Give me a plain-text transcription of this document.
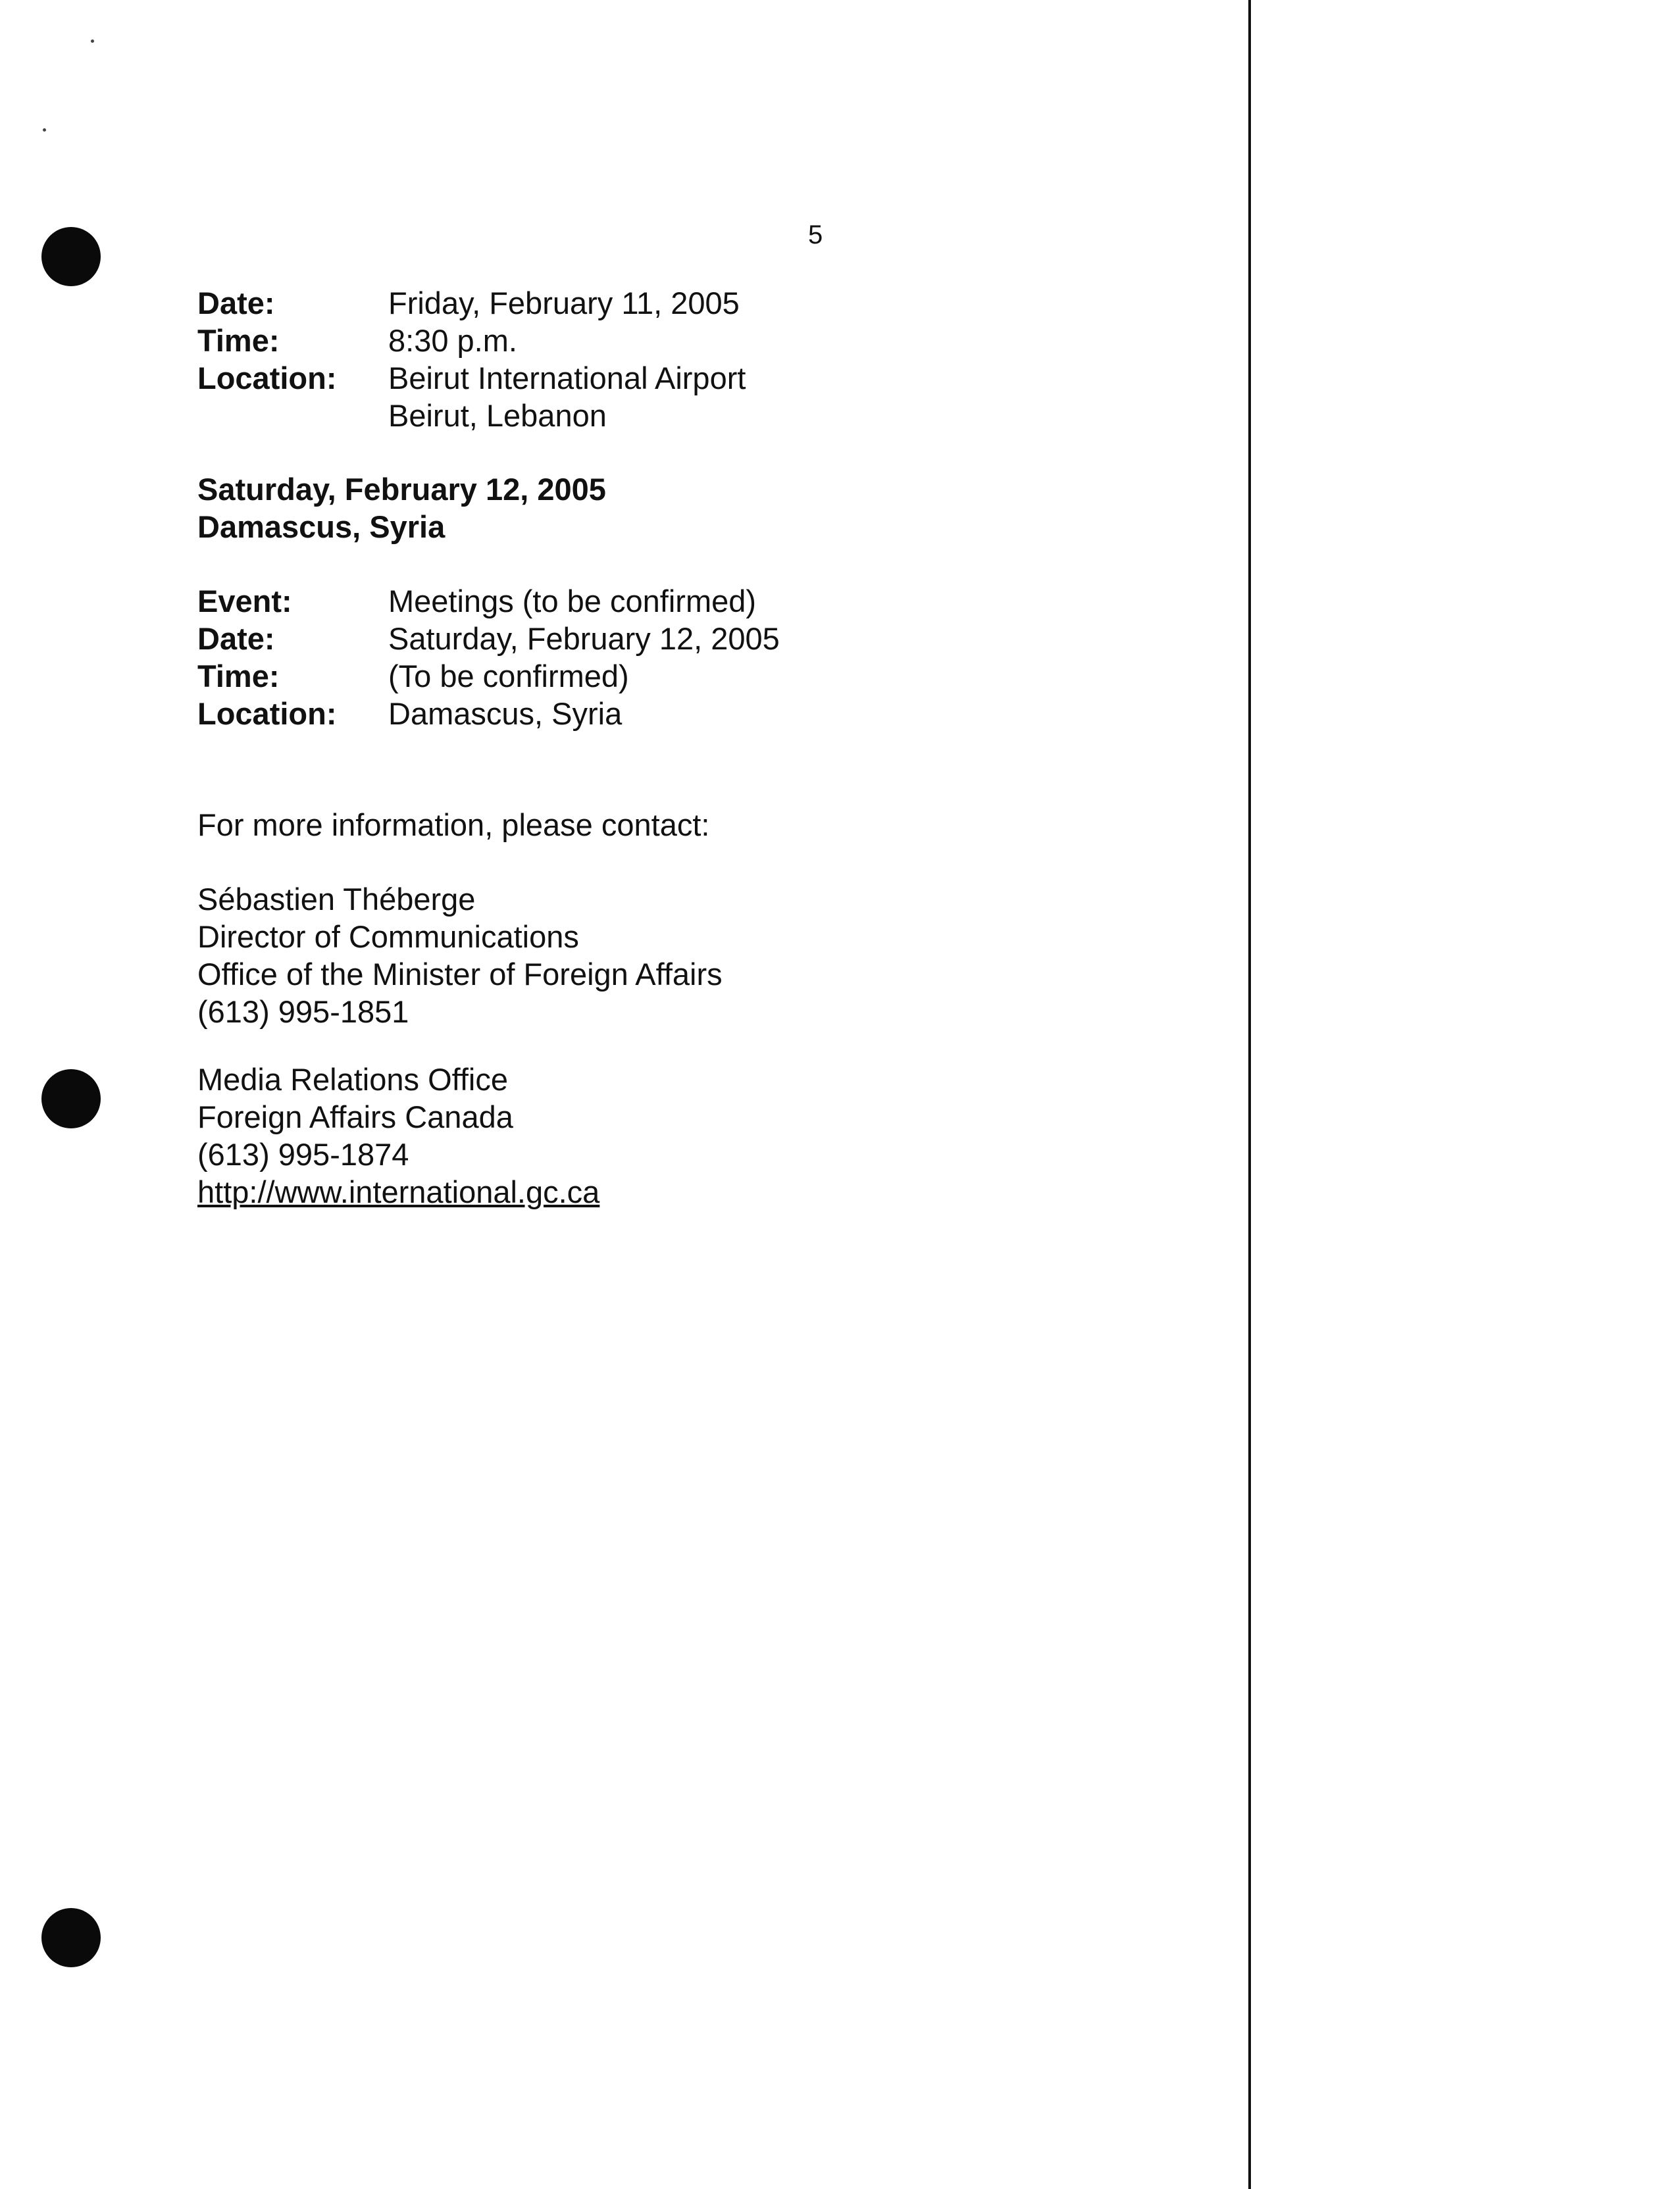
5
Date:	Friday, February 11, 2005
Time:	8:30 p.m.
Location:	Beirut International Airport
Beirut, Lebanon
Saturday, February 12, 2005
Damascus, Syria
Event:	Meetings (to be confirmed)
Date:	Saturday, February 12, 2005
Time:	(To be confirmed)
Location:	Damascus, Syria
For more information, please contact:
Sébastien Théberge
Director of Communications
Office of the Minister of Foreign Affairs
(613) 995-1851
Media Relations Office
Foreign Affairs Canada
(613) 995-1874
http://www.international.gc.ca
